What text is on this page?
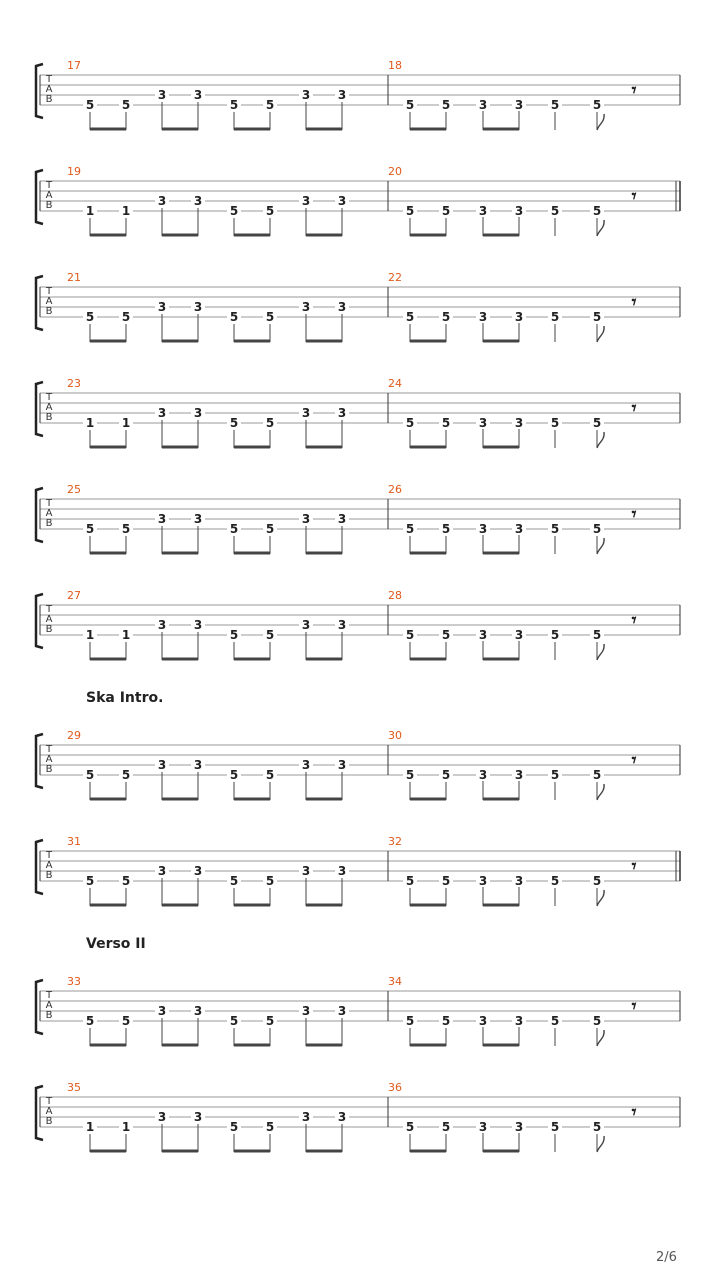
𝄾
T
A
B
17
5 5
3 3
5 5
3 3
18
5 5 3 3 5	5
𝄾
T
A
B
19
1 1
3 3
5 5
3 3
20
5 5 3 3 5	5
𝄾
T
A
B
21
5 5
3 3
5 5
3 3
22
5 5 3 3 5	5
𝄾
T
A
B
23
1 1
3 3
5 5
3 3
24
5 5 3 3 5	5
𝄾
T
A
B
25
5 5
3 3
5 5
3 3
26
5 5 3 3 5	5
𝄾
T
A
B
27
1 1
3 3
5 5
3 3
28
5 5 3 3 5	5
Ska Intro.
𝄾
T
A
B
29
5 5
3 3
5 5
3 3
30
5 5 3 3 5	5
𝄾
T
A
B
31
5 5
3 3
5 5
3 3
32
5 5 3 3 5	5
Verso II
𝄾
T
A
B
33
5 5
3 3
5 5
3 3
34
5 5 3 3 5	5
𝄾
T
A
B
35
1 1
3 3
5 5
3 3
36
5 5 3 3 5	5
2/6
